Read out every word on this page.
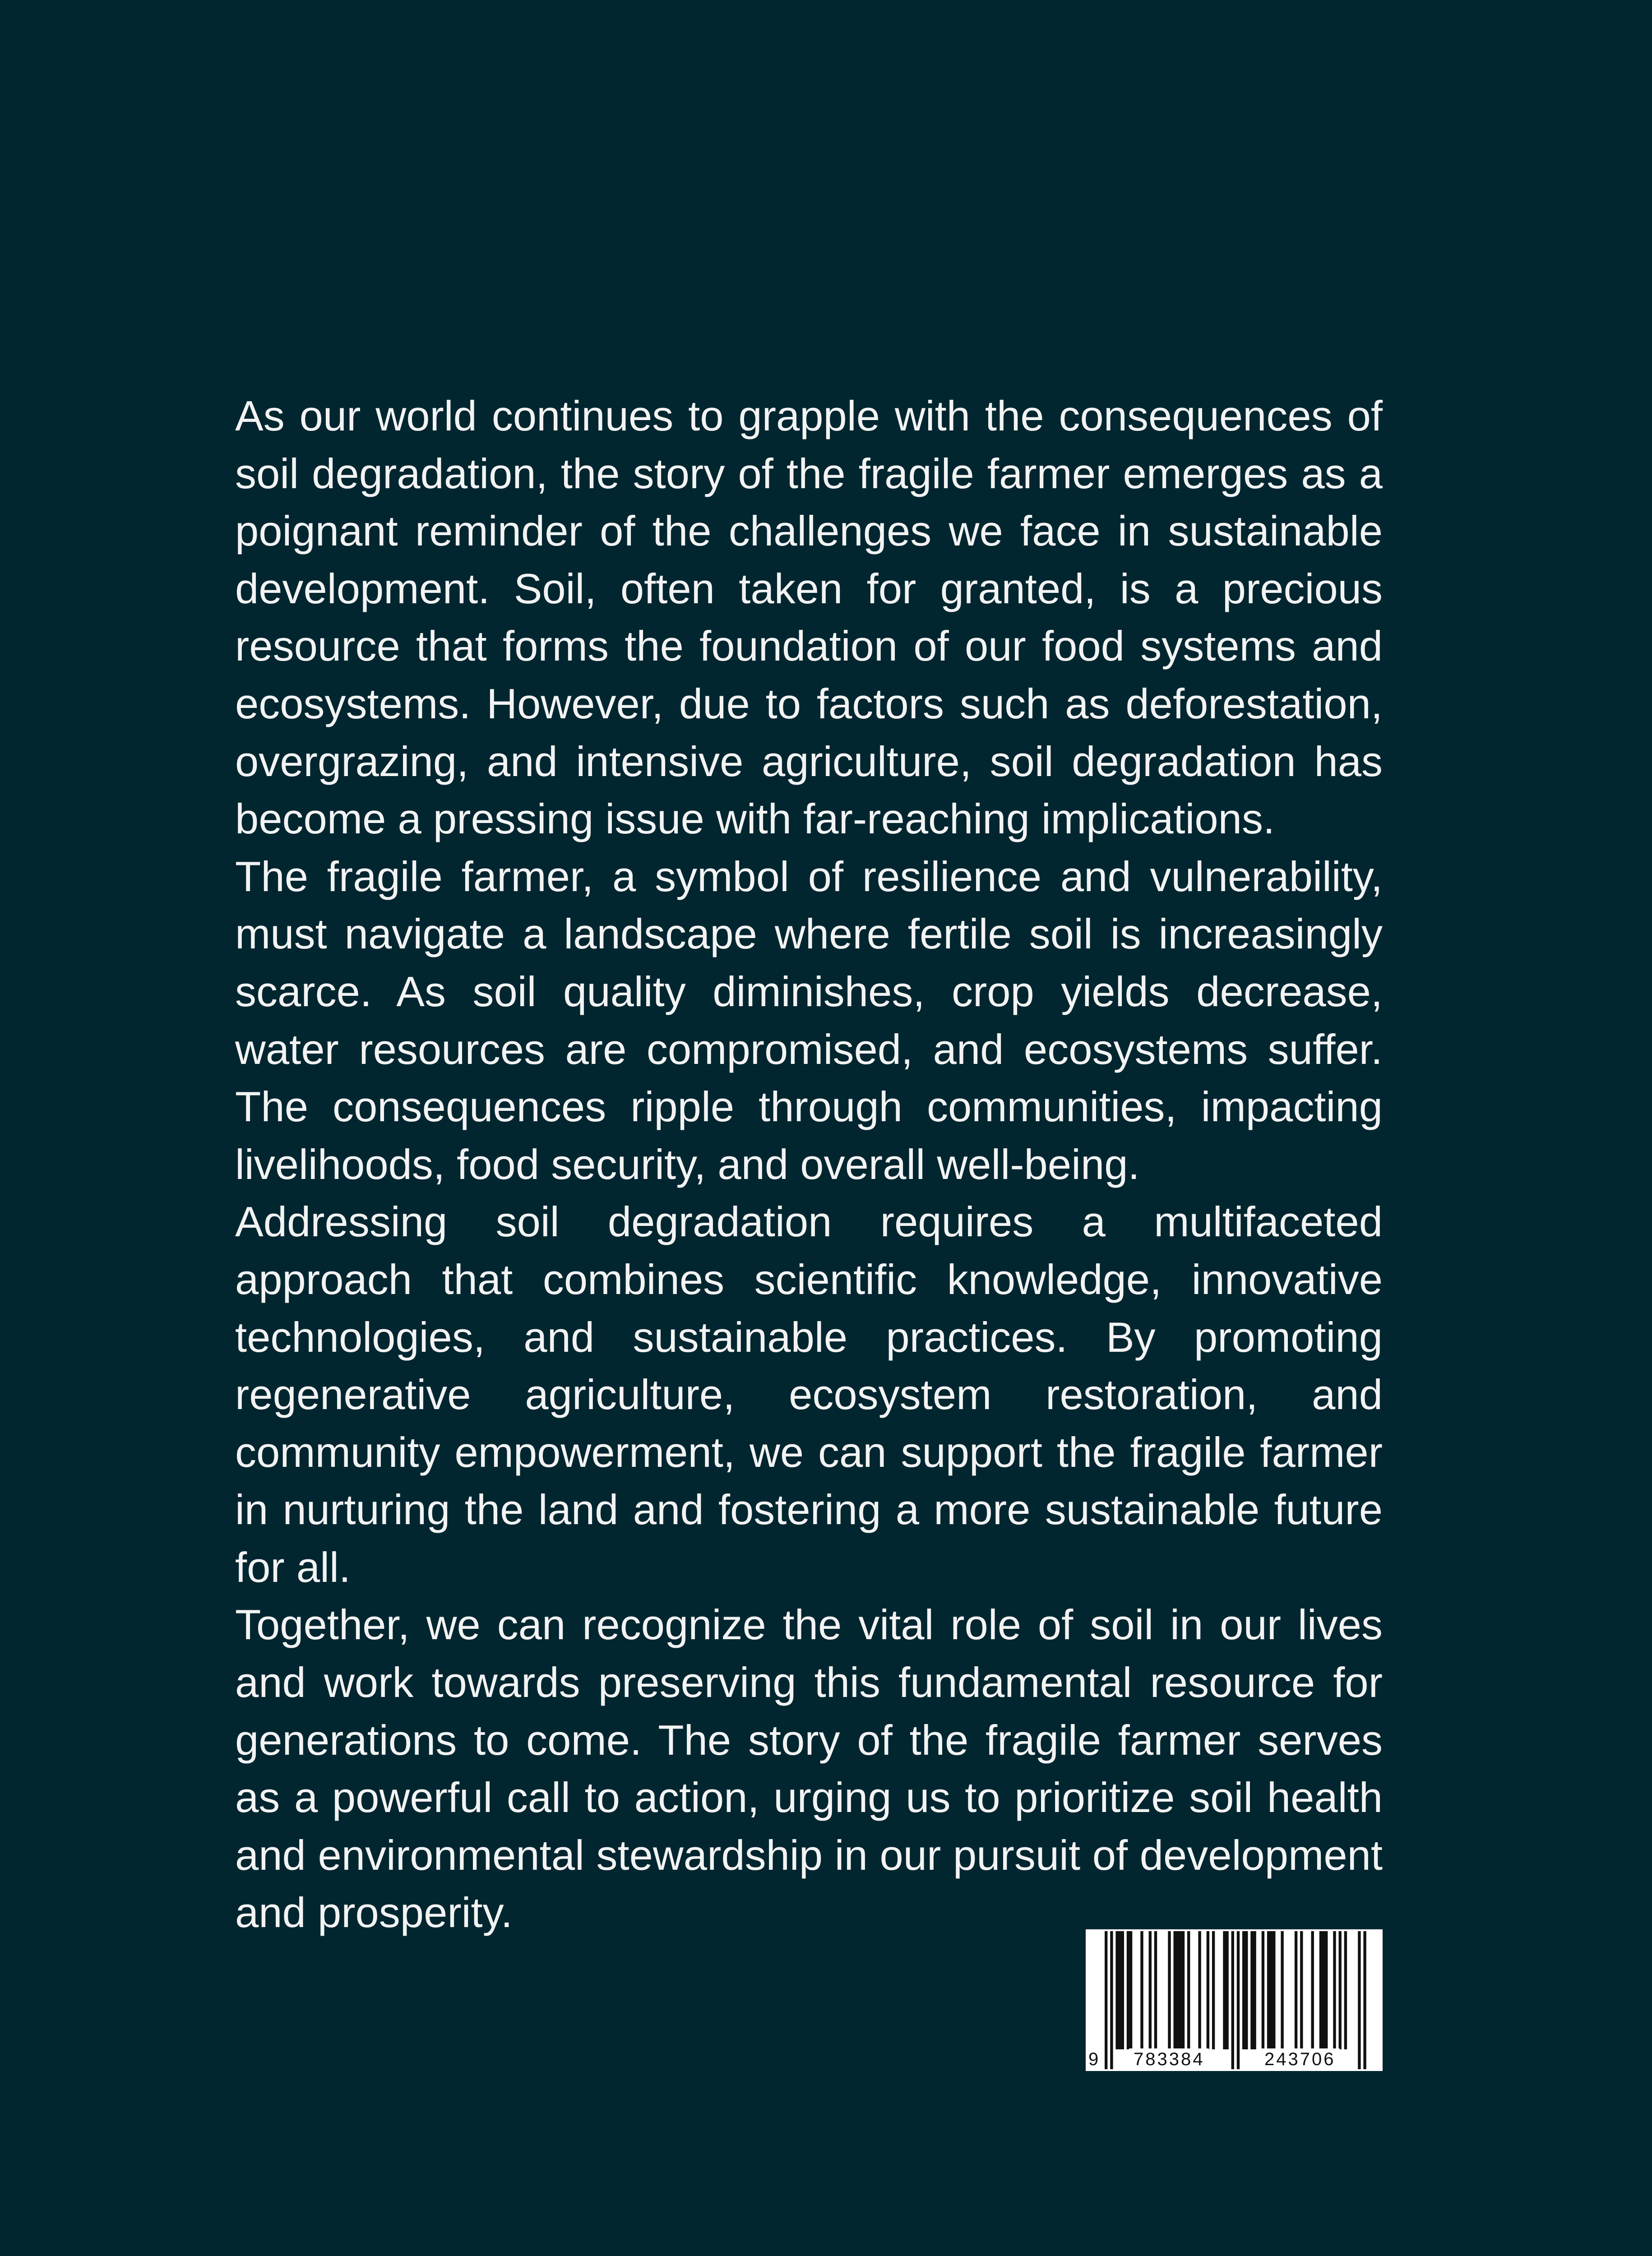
As our world continues to grapple with the consequences of soil degradation, the story of the fragile farmer emerges as a poignant reminder of the challenges we face in sustainable development. Soil, often taken for granted, is a precious resource that forms the foundation of our food systems and ecosystems. However, due to factors such as deforestation, overgrazing, and intensive agriculture, soil degradation has become a pressing issue with far-reaching implications.

The fragile farmer, a symbol of resilience and vulnerability, must navigate a landscape where fertile soil is increasingly scarce. As soil quality diminishes, crop yields decrease, water resources are compromised, and ecosystems suffer. The consequences ripple through communities, impacting livelihoods, food security, and overall well-being.

Addressing soil degradation requires a multifaceted approach that combines scientific knowledge, innovative technologies, and sustainable practices. By promoting regenerative agriculture, ecosystem restoration, and community empowerment, we can support the fragile farmer in nurturing the land and fostering a more sustainable future for all.

Together, we can recognize the vital role of soil in our lives and work towards preserving this fundamental resource for generations to come. The story of the fragile farmer serves as a powerful call to action, urging us to prioritize soil health and environmental stewardship in our pursuit of development and prosperity.

9 783384	243706
